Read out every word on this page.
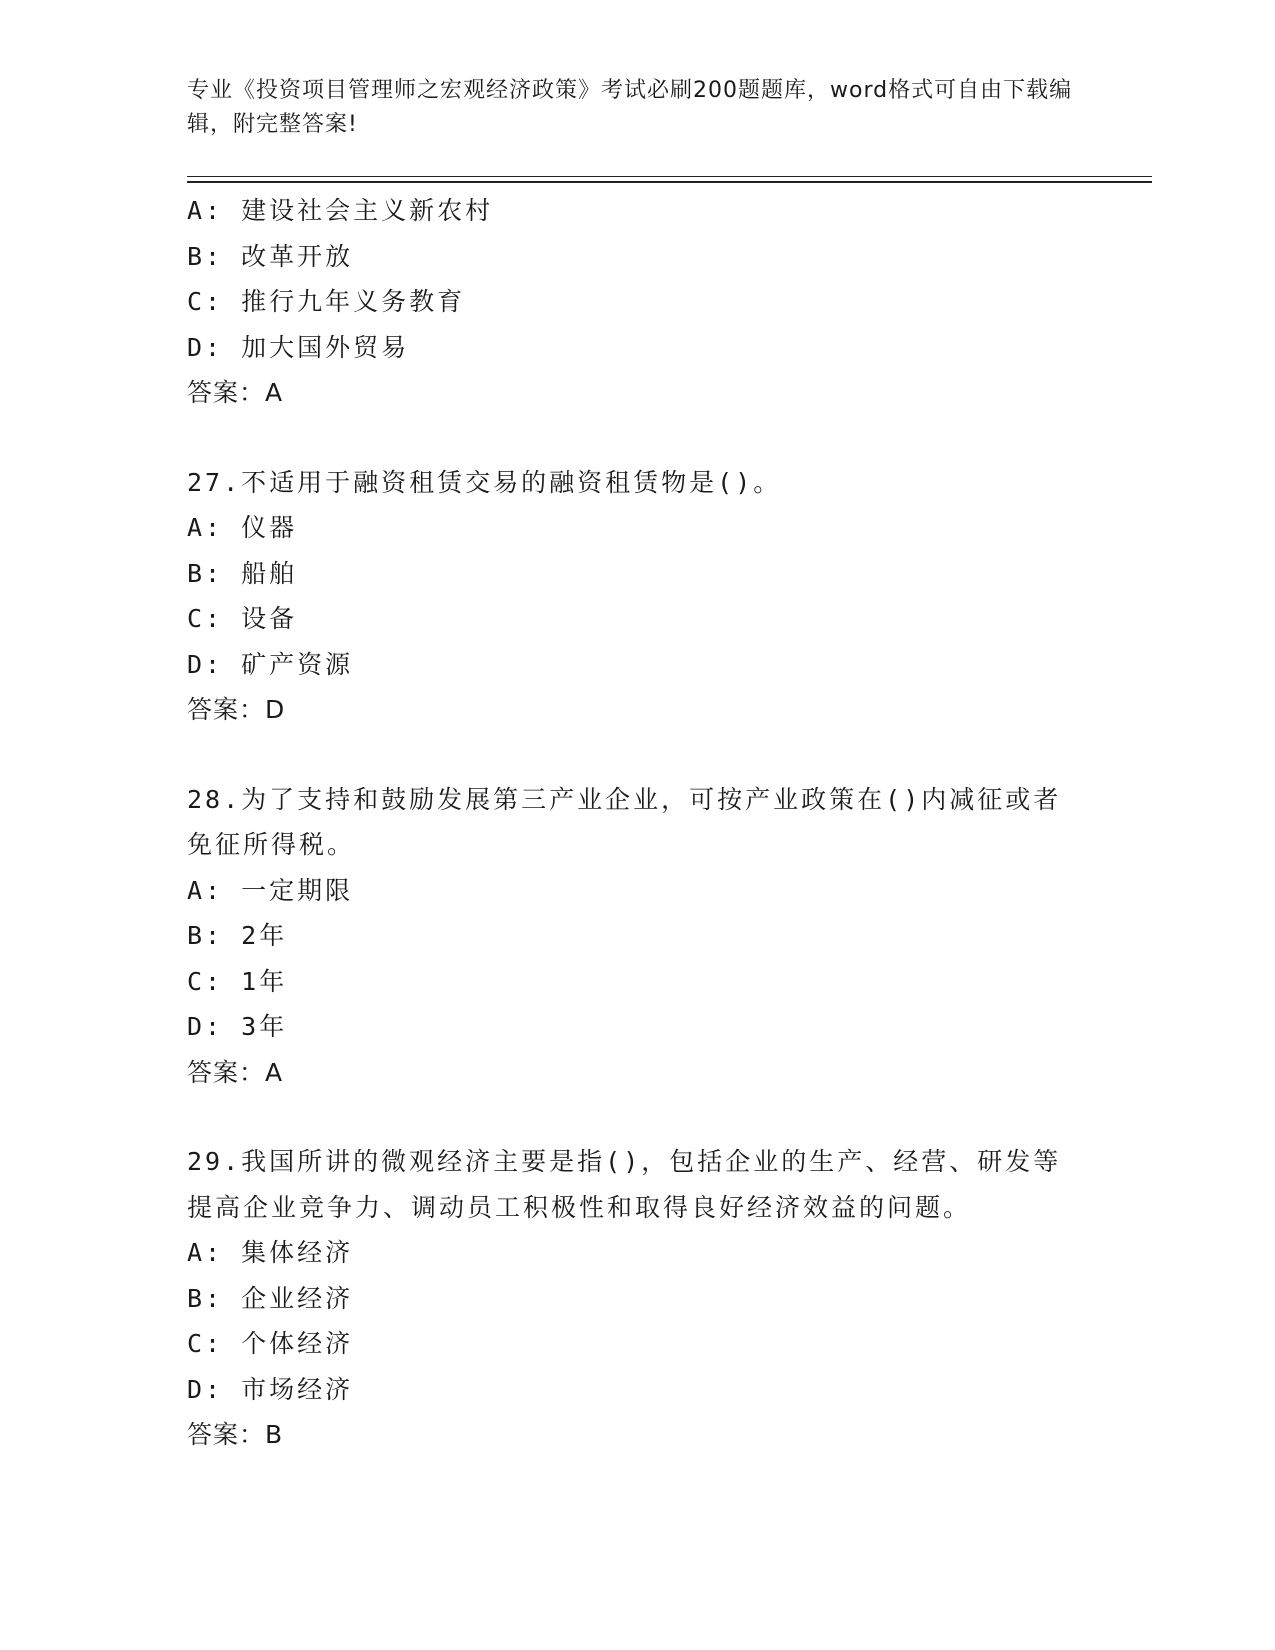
专业《投资项目管理师之宏观经济政策》考试必刷200题题库，word格式可自由下载编辑，附完整答案!
A: 建设社会主义新农村
B: 改革开放
C: 推行九年义务教育
D: 加大国外贸易
答案：A
27.不适用于融资租赁交易的融资租赁物是()。
A: 仪器
B: 船舶
C: 设备
D: 矿产资源
答案：D
28.为了支持和鼓励发展第三产业企业，可按产业政策在()内减征或者
免征所得税。
A: 一定期限
B: 2年
C: 1年
D: 3年
答案：A
29.我国所讲的微观经济主要是指()，包括企业的生产、经营、研发等
提高企业竞争力、调动员工积极性和取得良好经济效益的问题。
A: 集体经济
B: 企业经济
C: 个体经济
D: 市场经济
答案：B
